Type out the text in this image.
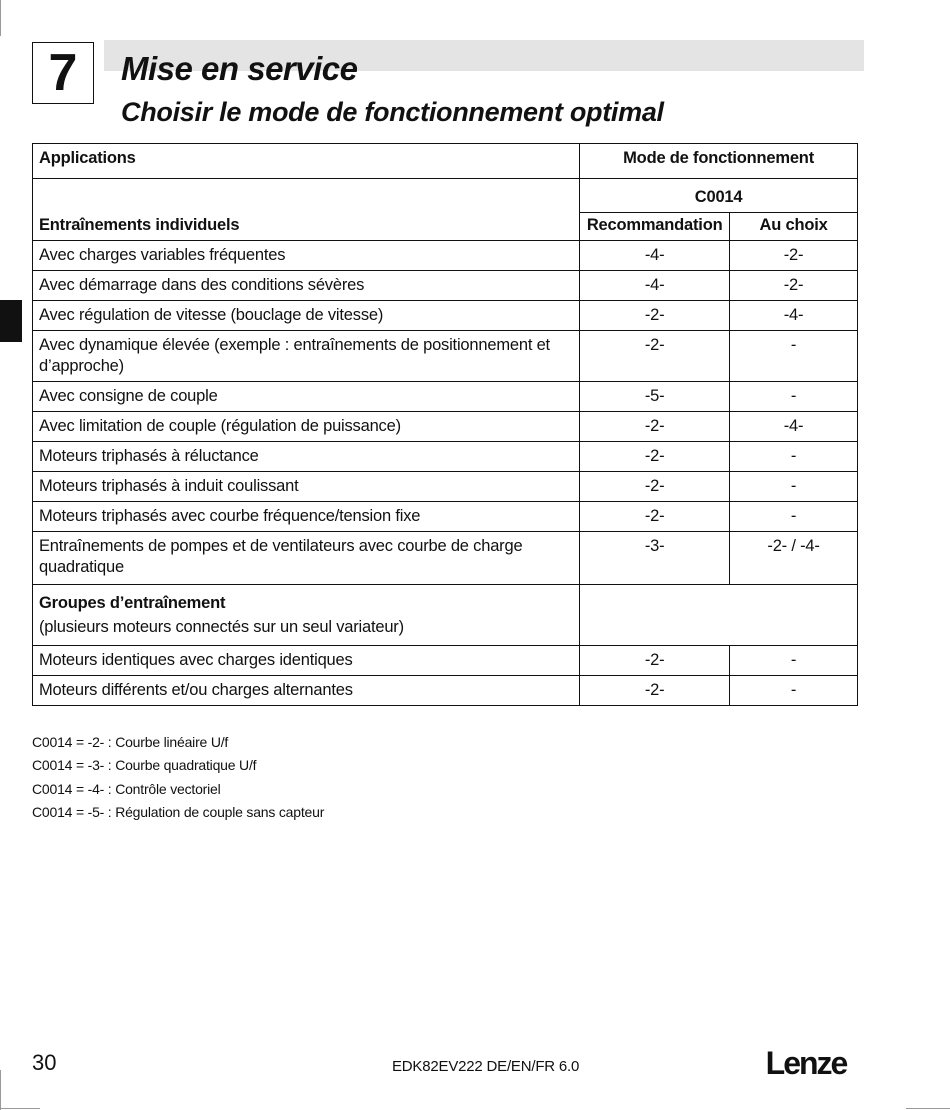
7 Mise en service
Choisir le mode de fonctionnement optimal
Applications	Mode de fonctionnement	
Entraînements individuels	C0014	
	Recommandation	Au choix
Avec charges variables fréquentes	-4-	-2-
Avec démarrage dans des conditions sévères	-4-	-2-
Avec régulation de vitesse (bouclage de vitesse)	-2-	-4-
Avec dynamique élevée (exemple : entraînements de positionnement et d’approche)	-2-	-
Avec consigne de couple	-5-	-
Avec limitation de couple (régulation de puissance)	-2-	-4-
Moteurs triphasés à réluctance	-2-	-
Moteurs triphasés à induit coulissant	-2-	-
Moteurs triphasés avec courbe fréquence/tension fixe	-2-	-
Entraînements de pompes et de ventilateurs avec courbe de charge quadratique	-3-	-2- / -4-

Groupes d’entraînement
(plusieurs moteurs connectés sur un seul variateur)		

Moteurs identiques avec charges identiques	-2-	-
Moteurs différents et/ou charges alternantes	-2-	-
C0014 = -2- : Courbe linéaire U/f
C0014 = -3- : Courbe quadratique U/f
C0014 = -4- : Contrôle vectoriel
C0014 = -5- : Régulation de couple sans capteur
30	EDK82EV222 DE/EN/FR 6.0	Lenze
